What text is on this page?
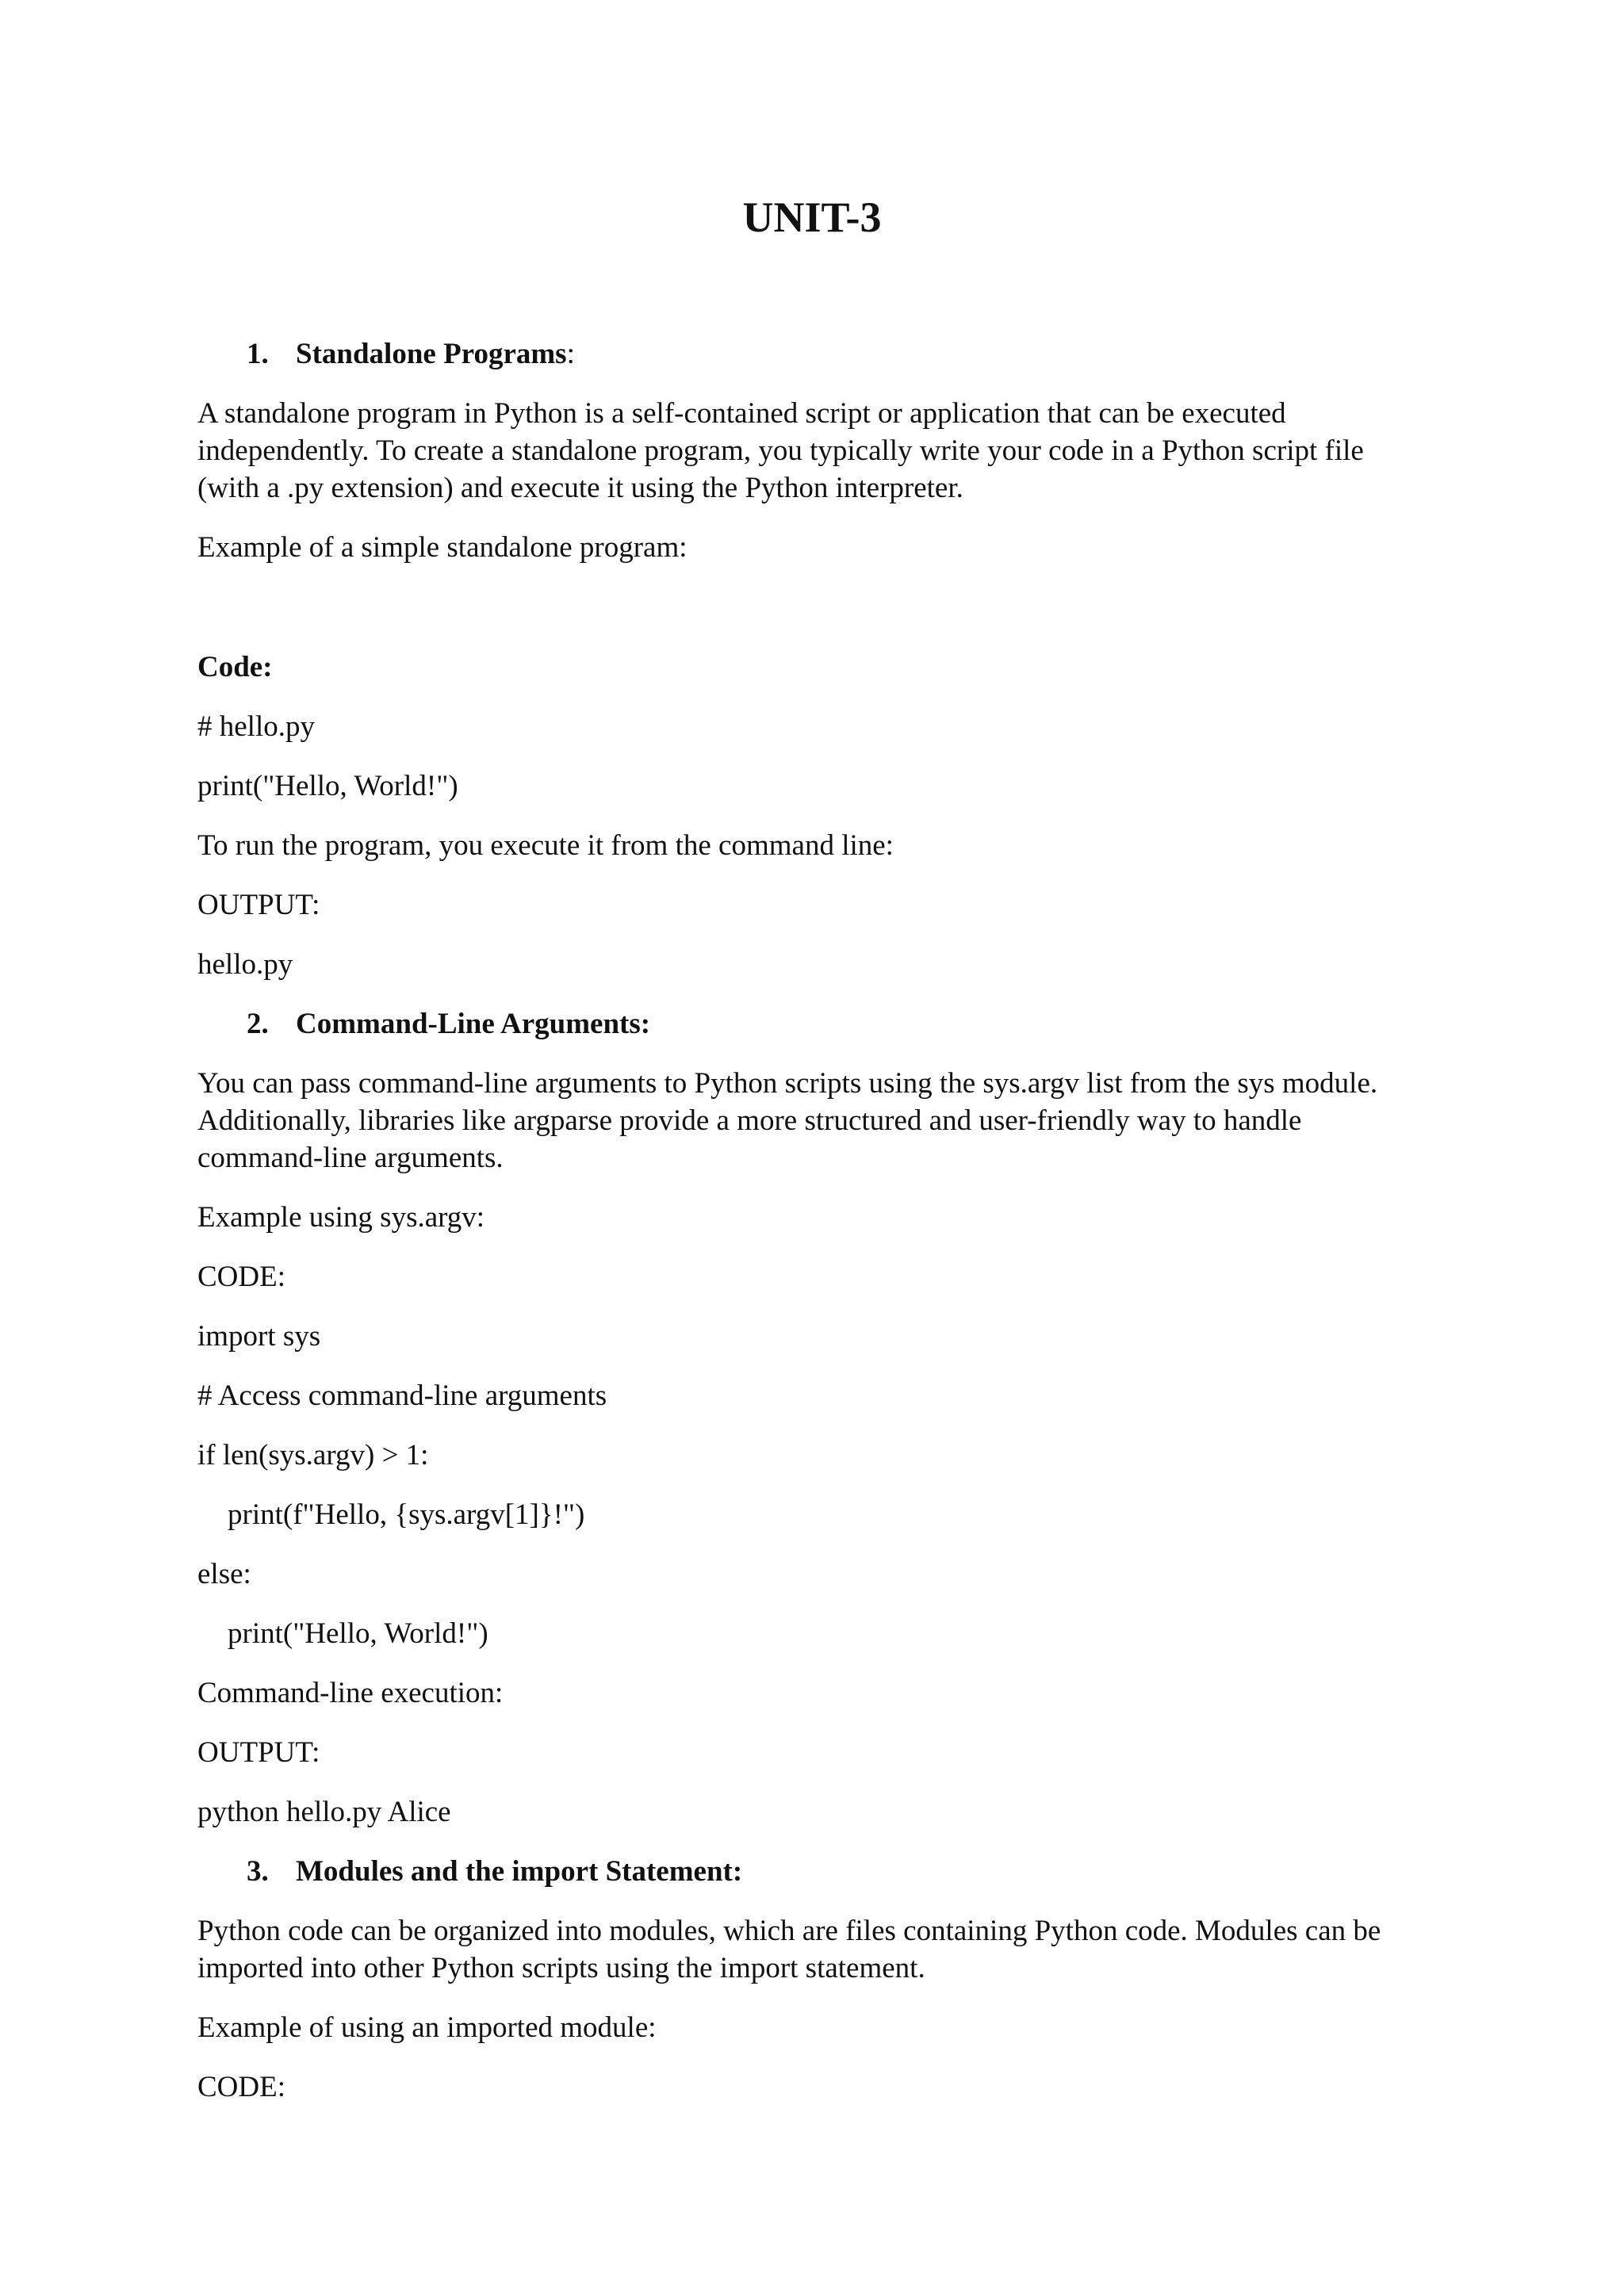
UNIT-3
1. Standalone Programs:
A standalone program in Python is a self-contained script or application that can be executed
independently. To create a standalone program, you typically write your code in a Python script file
(with a .py extension) and execute it using the Python interpreter.
Example of a simple standalone program:
Code:
# hello.py
print("Hello, World!")
To run the program, you execute it from the command line:
OUTPUT:
hello.py
2. Command-Line Arguments:
You can pass command-line arguments to Python scripts using the sys.argv list from the sys module.
Additionally, libraries like argparse provide a more structured and user-friendly way to handle
command-line arguments.
Example using sys.argv:
CODE:
import sys
# Access command-line arguments
if len(sys.argv) > 1:
print(f"Hello, {sys.argv[1]}!")
else:
print("Hello, World!")
Command-line execution:
OUTPUT:
python hello.py Alice
3. Modules and the import Statement:
Python code can be organized into modules, which are files containing Python code. Modules can be
imported into other Python scripts using the import statement.
Example of using an imported module:
CODE:
